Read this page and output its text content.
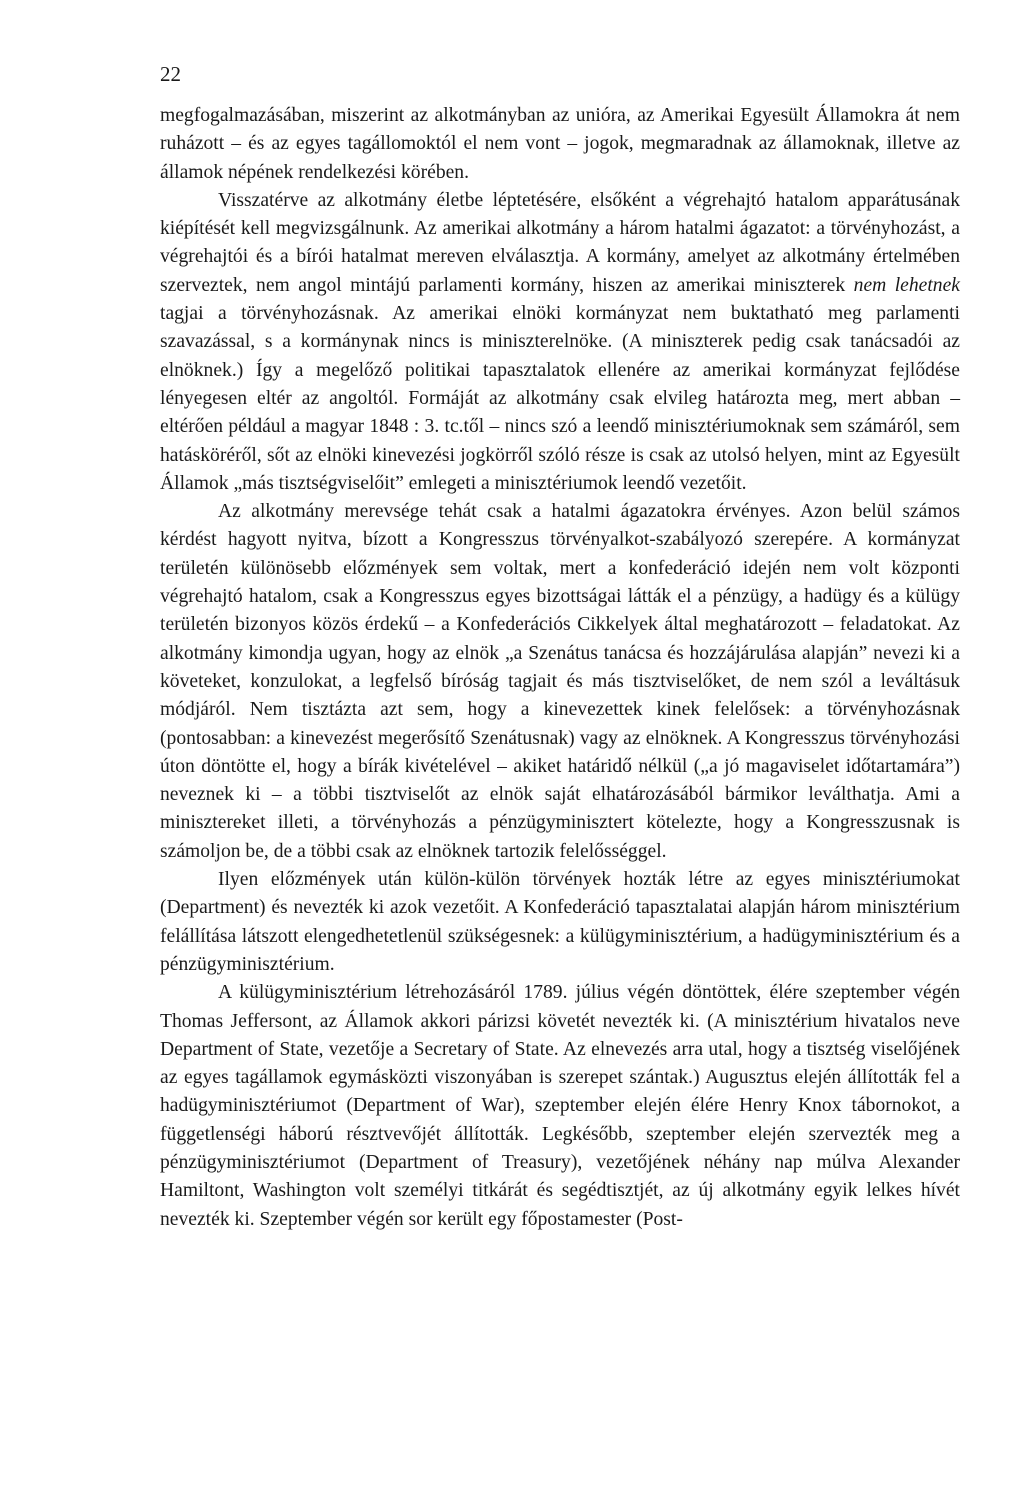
22

megfogalmazásában, miszerint az alkotmányban az unióra, az Amerikai Egyesült Államokra át nem ruházott – és az egyes tagállomoktól el nem vont – jogok, megmaradnak az államoknak, illetve az államok népének rendelkezési körében.

Visszatérve az alkotmány életbe léptetésére, elsőként a végrehajtó hatalom apparátusának kiépítését kell megvizsgálnunk. Az amerikai alkotmány a három hatalmi ágazatot: a törvényhozást, a végrehajtói és a bírói hatalmat mereven elválasztja. A kormány, amelyet az alkotmány értelmében szerveztek, nem angol mintájú parlamenti kormány, hiszen az amerikai miniszterek nem lehetnek tagjai a törvényhozásnak. Az amerikai elnöki kormányzat nem buktatható meg parlamenti szavazással, s a kormánynak nincs is miniszterelnöke. (A miniszterek pedig csak tanácsadói az elnöknek.) Így a megelőző politikai tapasztalatok ellenére az amerikai kormányzat fejlődése lényegesen eltér az angoltól. Formáját az alkotmány csak elvileg határozta meg, mert abban – eltérően például a magyar 1848 : 3. tc.től – nincs szó a leendő minisztériumoknak sem számáról, sem hatásköréről, sőt az elnöki kinevezési jogkörről szóló része is csak az utolsó helyen, mint az Egyesült Államok „más tisztségviselőit” emlegeti a minisztériumok leendő vezetőit.

Az alkotmány merevsége tehát csak a hatalmi ágazatokra érvényes. Azon belül számos kérdést hagyott nyitva, bízott a Kongresszus törvényalkot-szabályozó szerepére. A kormányzat területén különösebb előzmények sem voltak, mert a konfederáció idején nem volt központi végrehajtó hatalom, csak a Kongresszus egyes bizottságai látták el a pénzügy, a hadügy és a külügy területén bizonyos közös érdekű – a Konfederációs Cikkelyek által meghatározott – feladatokat. Az alkotmány kimondja ugyan, hogy az elnök „a Szenátus tanácsa és hozzájárulása alapján” nevezi ki a követeket, konzulokat, a legfelső bíróság tagjait és más tisztviselőket, de nem szól a leváltásuk módjáról. Nem tisztázta azt sem, hogy a kinevezettek kinek felelősek: a törvényhozásnak (pontosabban: a kinevezést megerősítő Szenátusnak) vagy az elnöknek. A Kongresszus törvényhozási úton döntötte el, hogy a bírák kivételével – akiket határidő nélkül („a jó magaviselet időtartamára”) neveznek ki – a többi tisztviselőt az elnök saját elhatározásából bármikor leválthatja. Ami a minisztereket illeti, a törvényhozás a pénzügyminisztert kötelezte, hogy a Kongresszusnak is számoljon be, de a többi csak az elnöknek tartozik felelősséggel.

Ilyen előzmények után külön-külön törvények hozták létre az egyes minisztériumokat (Department) és nevezték ki azok vezetőit. A Konfederáció tapasztalatai alapján három minisztérium felállítása látszott elengedhetetlenül szükségesnek: a külügyminisztérium, a hadügyminisztérium és a pénzügyminisztérium.

A külügyminisztérium létrehozásáról 1789. július végén döntöttek, élére szeptember végén Thomas Jeffersont, az Államok akkori párizsi követét nevezték ki. (A minisztérium hivatalos neve Department of State, vezetője a Secretary of State. Az elnevezés arra utal, hogy a tisztség viselőjének az egyes tagállamok egymásközti viszonyában is szerepet szántak.) Augusztus elején állították fel a hadügyminisztériumot (Department of War), szeptember elején élére Henry Knox tábornokot, a függetlenségi háború résztvevőjét állították. Legkésőbb, szeptember elején szervezték meg a pénzügyminisztériumot (Department of Treasury), vezetőjének néhány nap múlva Alexander Hamiltont, Washington volt személyi titkárát és segédtisztjét, az új alkotmány egyik lelkes hívét nevezték ki. Szeptember végén sor került egy főpostamester (Post-
